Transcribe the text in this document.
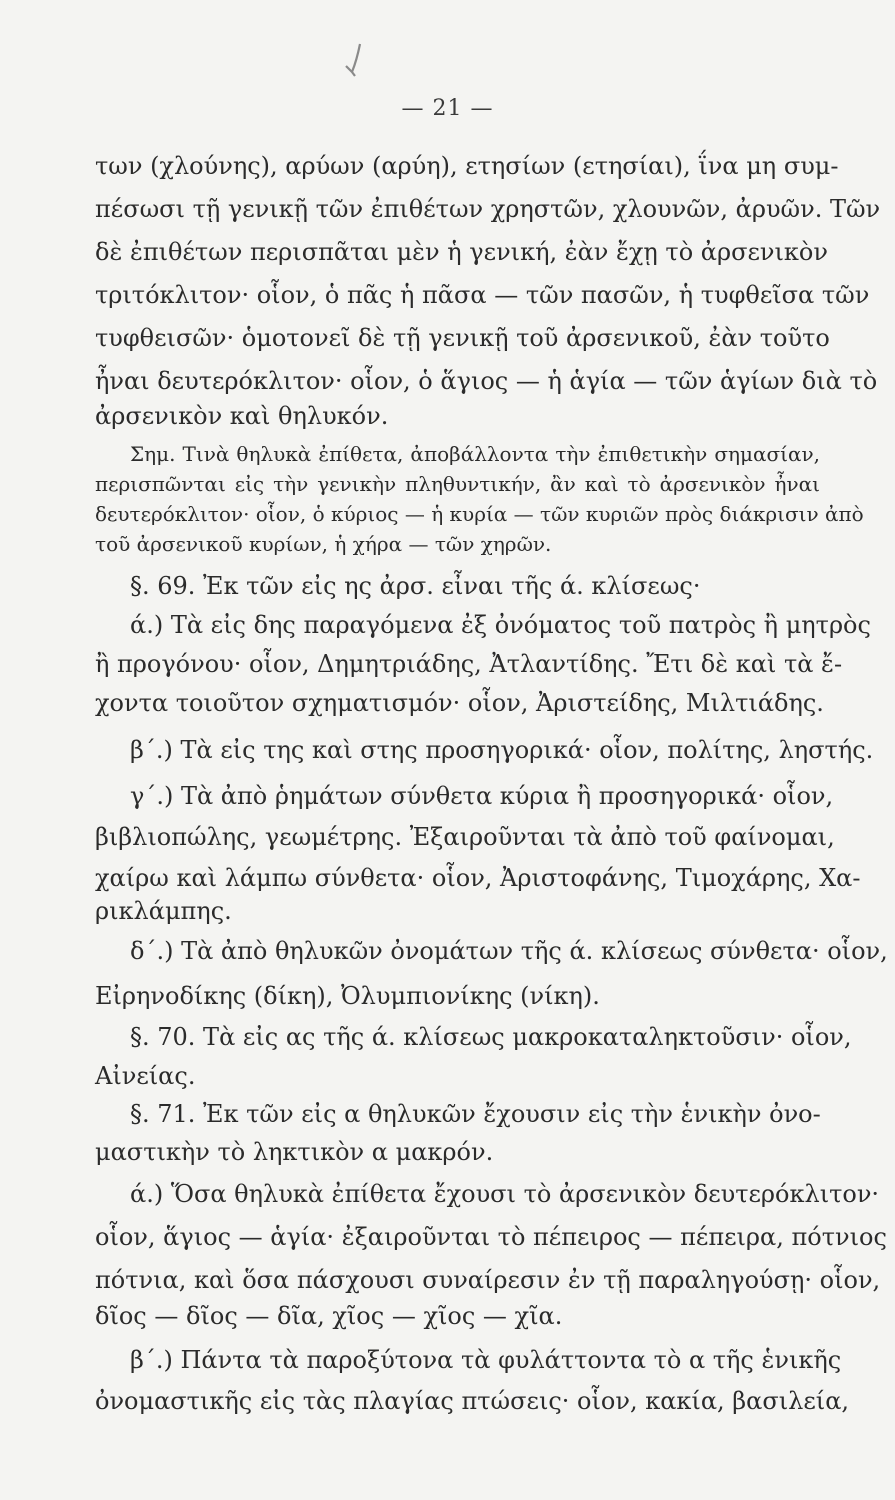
— 21 —
των (χλούνης), αρύων (αρύη), ετησίων (ετησίαι), ΐνα μη συμ-
πέσωσι τῇ γενικῇ τῶν ἐπιθέτων χρηστῶν, χλουνῶν, ἀρυῶν. Τῶν
δὲ ἐπιθέτων περισπᾶται μὲν ἡ γενική, ἐὰν ἔχῃ τὸ ἀρσενικὸν
τριτόκλιτον· οἷον, ὁ πᾶς ἡ πᾶσα — τῶν πασῶν, ἡ τυφθεῖσα τῶν
τυφθεισῶν· ὁμοτονεῖ δὲ τῇ γενικῇ τοῦ ἀρσενικοῦ, ἐὰν τοῦτο
ἦναι δευτερόκλιτον· οἷον, ὁ ἅγιος — ἡ ἁγία — τῶν ἁγίων διὰ τὸ
ἀρσενικὸν καὶ θηλυκόν.
Σημ. Τινὰ θηλυκὰ ἐπίθετα, ἀποβάλλοντα τὴν ἐπιθετικὴν σημασίαν,
περισπῶνται εἰς τὴν γενικὴν πληθυντικήν, ἂν καὶ τὸ ἀρσενικὸν ἦναι
δευτερόκλιτον· οἷον, ὁ κύριος — ἡ κυρία — τῶν κυριῶν πρὸς διάκρισιν ἀπὸ
τοῦ ἀρσενικοῦ κυρίων, ἡ χήρα — τῶν χηρῶν.
§. 69. Ἐκ τῶν εἰς ης ἀρσ. εἶναι τῆς ά. κλίσεως·
ά.) Τὰ εἰς δης παραγόμενα ἐξ ὀνόματος τοῦ πατρὸς ἢ μητρὸς
ἢ προγόνου· οἷον, Δημητριάδης, Ἀτλαντίδης. Ἔτι δὲ καὶ τὰ ἔ-
χοντα τοιοῦτον σχηματισμόν· οἷον, Ἀριστείδης, Μιλτιάδης.
β΄.) Τὰ εἰς της καὶ στης προσηγορικά· οἷον, πολίτης, ληστής.
γ΄.) Τὰ ἀπὸ ῥημάτων σύνθετα κύρια ἢ προσηγορικά· οἷον,
βιβλιοπώλης, γεωμέτρης. Ἐξαιροῦνται τὰ ἀπὸ τοῦ φαίνομαι,
χαίρω καὶ λάμπω σύνθετα· οἷον, Ἀριστοφάνης, Τιμοχάρης, Χα-
ρικλάμπης.
δ΄.) Τὰ ἀπὸ θηλυκῶν ὀνομάτων τῆς ά. κλίσεως σύνθετα· οἷον,
Εἰρηνοδίκης (δίκη), Ὀλυμπιονίκης (νίκη).
§. 70. Τὰ εἰς ας τῆς ά. κλίσεως μακροκαταληκτοῦσιν· οἷον,
Αἰνείας.
§. 71. Ἐκ τῶν εἰς α θηλυκῶν ἔχουσιν εἰς τὴν ἑνικὴν ὀνο-
μαστικὴν τὸ ληκτικὸν α μακρόν.
ά.) Ὅσα θηλυκὰ ἐπίθετα ἔχουσι τὸ ἀρσενικὸν δευτερόκλιτον·
οἷον, ἅγιος — ἁγία· ἐξαιροῦνται τὸ πέπειρος — πέπειρα, πότνιος
πότνια, καὶ ὅσα πάσχουσι συναίρεσιν ἐν τῇ παραληγούσῃ· οἷον,
δῖος — δῖος — δῖα, χῖος — χῖος — χῖα.
β΄.) Πάντα τὰ παροξύτονα τὰ φυλάττοντα τὸ α τῆς ἑνικῆς
ὀνομαστικῆς εἰς τὰς πλαγίας πτώσεις· οἷον, κακία, βασιλεία,
